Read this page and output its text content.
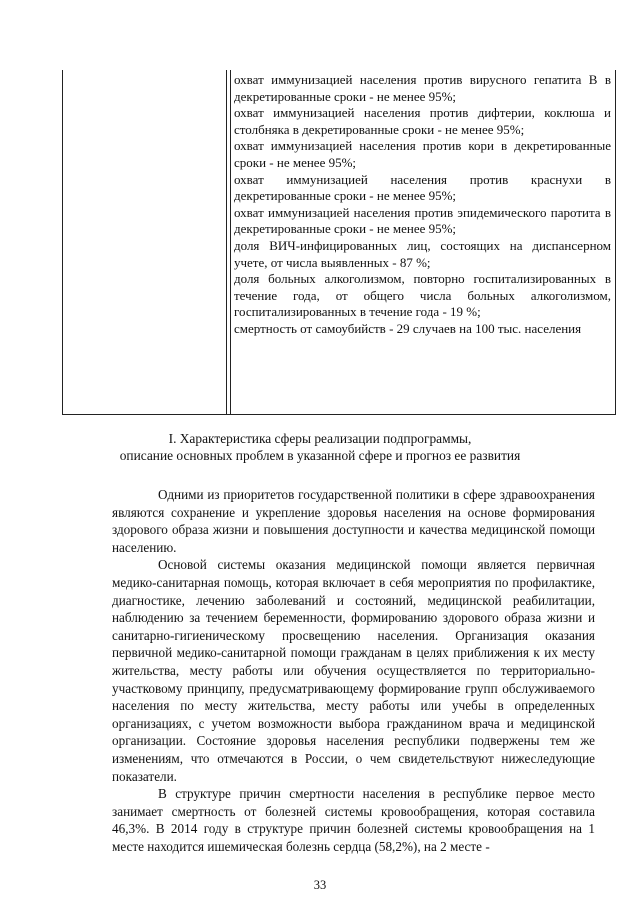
охват иммунизацией населения против вирусного гепатита В в декретированные сроки - не менее 95%;

охват иммунизацией населения против дифтерии, коклюша и столбняка в декретированные сроки - не менее 95%;

охват иммунизацией населения против кори в декретированные сроки - не менее 95%;

охват иммунизацией населения против краснухи в декретированные сроки - не менее 95%;

охват иммунизацией населения против эпидемического паротита в декретированные сроки - не менее 95%;

доля ВИЧ-инфицированных лиц, состоящих на диспансерном учете, от числа выявленных - 87 %;

доля больных алкоголизмом, повторно госпитализированных в течение года, от общего числа больных алкоголизмом, госпитализированных в течение года - 19 %;

смертность от самоубийств - 29 случаев на 100 тыс. населения

I. Характеристика сферы реализации подпрограммы,
описание основных проблем в указанной сфере и прогноз ее развития

Одними из приоритетов государственной политики в сфере здравоохранения являются сохранение и укрепление здоровья населения на основе формирования здорового образа жизни и повышения доступности и качества медицинской помощи населению.

Основой системы оказания медицинской помощи является первичная медико-санитарная помощь, которая включает в себя мероприятия по профилактике, диагностике, лечению заболеваний и состояний, медицинской реабилитации, наблюдению за течением беременности, формированию здорового образа жизни и санитарно-гигиеническому просвещению населения. Организация оказания первичной медико-санитарной помощи гражданам в целях приближения к их месту жительства, месту работы или обучения осуществляется по территориально-участковому принципу, предусматривающему формирование групп обслуживаемого населения по месту жительства, месту работы или учебы в определенных организациях, с учетом возможности выбора гражданином врача и медицинской организации. Состояние здоровья населения республики подвержены тем же изменениям, что отмечаются в России, о чем свидетельствуют нижеследующие показатели.

В структуре причин смертности населения в республике первое место занимает смертность от болезней системы кровообращения, которая составила 46,3%. В 2014 году в структуре причин болезней системы кровообращения на 1 месте находится ишемическая болезнь сердца (58,2%), на 2 месте -

33
